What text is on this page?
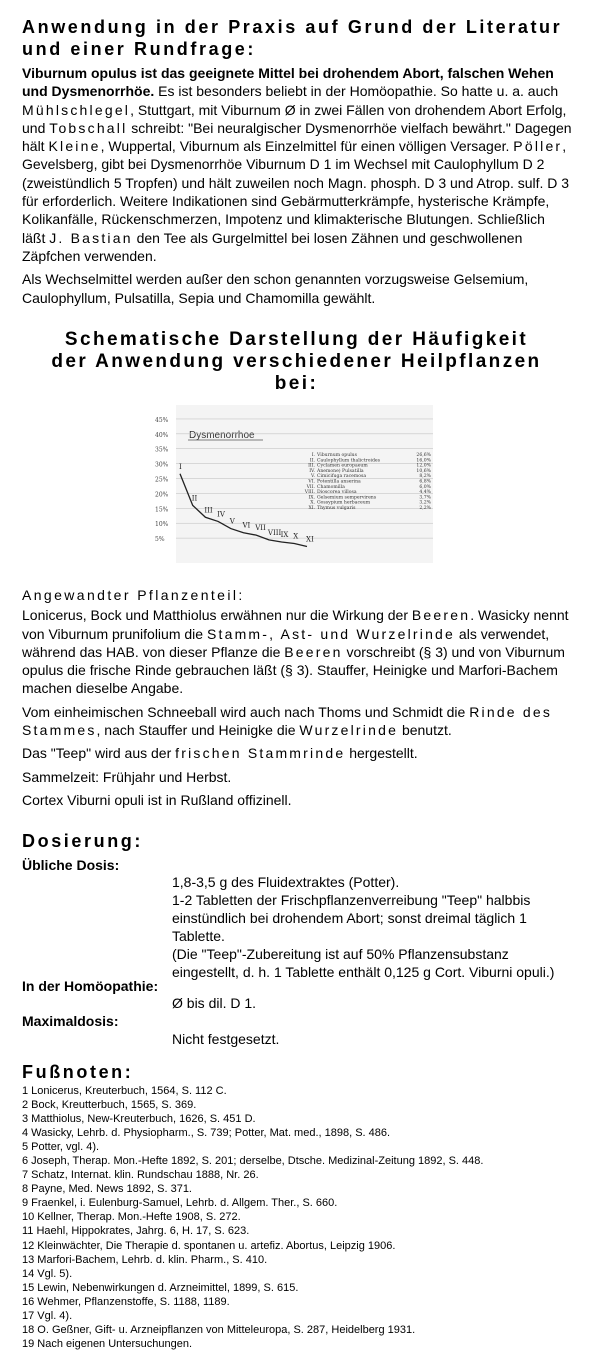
Anwendung in der Praxis auf Grund der Literatur
und einer Rundfrage:

Viburnum opulus ist das geeignete Mittel bei drohendem Abort, falschen Wehen und Dysmenorrhöe. Es ist besonders beliebt in der Homöopathie. So hatte u. a. auch Mühlschlegel, Stuttgart, mit Viburnum Ø in zwei Fällen von drohendem Abort Erfolg, und Tobschall schreibt: "Bei neuralgischer Dysmenorrhöe vielfach bewährt." Dagegen hält Kleine, Wuppertal, Viburnum als Einzelmittel für einen völligen Versager. Pöller, Gevelsberg, gibt bei Dysmenorrhöe Viburnum D 1 im Wechsel mit Caulophyllum D 2 (zweistündlich 5 Tropfen) und hält zuweilen noch Magn. phosph. D 3 und Atrop. sulf. D 3 für erforderlich. Weitere Indikationen sind Gebärmutterkrämpfe, hysterische Krämpfe, Kolikanfälle, Rückenschmerzen, Impotenz und klimakterische Blutungen. Schließlich läßt J. Bastian den Tee als Gurgelmittel bei losen Zähnen und geschwollenen Zäpfchen verwenden.

Als Wechselmittel werden außer den schon genannten vorzugsweise Gelsemium, Caulophyllum, Pulsatilla, Sepia und Chamomilla gewählt.

Schematische Darstellung der Häufigkeit

der Anwendung verschiedener Heilpflanzen

bei:

Dysmenorrhoe
45%
40%
35%
30%
25%
20%
15%
10%
5%
I
II
III
IV
V
VI VII
VIII IX X XI
I. Viburnum opulus	26,6%
II. Caulophyllum thalictroides	16,0%
III. Cyclamen europaeum	12,0%
IV. Anemone) Pulsatilla	10,6%
V. Cimicifuga racemosa	8,2%
VI. Potentilla anserina	6,8%
VII. Chamomilla	6,0%
VIII. Dioscorea villosa	4,4%
IX. Gelsemium sempervirens	3,7%
X. Gossypium herbaceum	3,2%
XI. Thymus vulgaris	2,2%

Angewandter Pflanzenteil:

Lonicerus, Bock und Matthiolus erwähnen nur die Wirkung der Beeren. Wasicky nennt von Viburnum prunifolium die Stamm-, Ast- und Wurzelrinde als verwendet, während das HAB. von dieser Pflanze die Beeren vorschreibt (§ 3) und von Viburnum opulus die frische Rinde gebrauchen läßt (§ 3). Stauffer, Heinigke und Marfori-Bachem machen dieselbe Angabe.

Vom einheimischen Schneeball wird auch nach Thoms und Schmidt die Rinde des Stammes, nach Stauffer und Heinigke die Wurzelrinde benutzt.

Das "Teep" wird aus der frischen Stammrinde hergestellt.

Sammelzeit: Frühjahr und Herbst.

Cortex Viburni opuli ist in Rußland offizinell.

Dosierung:
Übliche Dosis:
1,8-3,5 g des Fluidextraktes (Potter).
1-2 Tabletten der Frischpflanzenverreibung "Teep" halbbis einstündlich bei drohendem Abort; sonst dreimal täglich 1 Tablette.
(Die "Teep"-Zubereitung ist auf 50% Pflanzensubstanz eingestellt, d. h. 1 Tablette enthält 0,125 g Cort. Viburni opuli.)
In der Homöopathie:
Ø bis dil. D 1.
Maximaldosis:
Nicht festgesetzt.
Fußnoten:

1 Lonicerus, Kreuterbuch, 1564, S. 112 C.

2 Bock, Kreutterbuch, 1565, S. 369.

3 Matthiolus, New-Kreuterbuch, 1626, S. 451 D.

4 Wasicky, Lehrb. d. Physiopharm., S. 739; Potter, Mat. med., 1898, S. 486.

5 Potter, vgl. 4).

6 Joseph, Therap. Mon.-Hefte 1892, S. 201; derselbe, Dtsche. Medizinal-Zeitung 1892, S. 448.

7 Schatz, Internat. klin. Rundschau 1888, Nr. 26.

8 Payne, Med. News 1892, S. 371.

9 Fraenkel, i. Eulenburg-Samuel, Lehrb. d. Allgem. Ther., S. 660.

10 Kellner, Therap. Mon.-Hefte 1908, S. 272.

11 Haehl, Hippokrates, Jahrg. 6, H. 17, S. 623.

12 Kleinwächter, Die Therapie d. spontanen u. artefiz. Abortus, Leipzig 1906.

13 Marfori-Bachem, Lehrb. d. klin. Pharm., S. 410.

14 Vgl. 5).

15 Lewin, Nebenwirkungen d. Arzneimittel, 1899, S. 615.

16 Wehmer, Pflanzenstoffe, S. 1188, 1189.

17 Vgl. 4).

18 O. Geßner, Gift- u. Arzneipflanzen von Mitteleuropa, S. 287, Heidelberg 1931.

19 Nach eigenen Untersuchungen.
